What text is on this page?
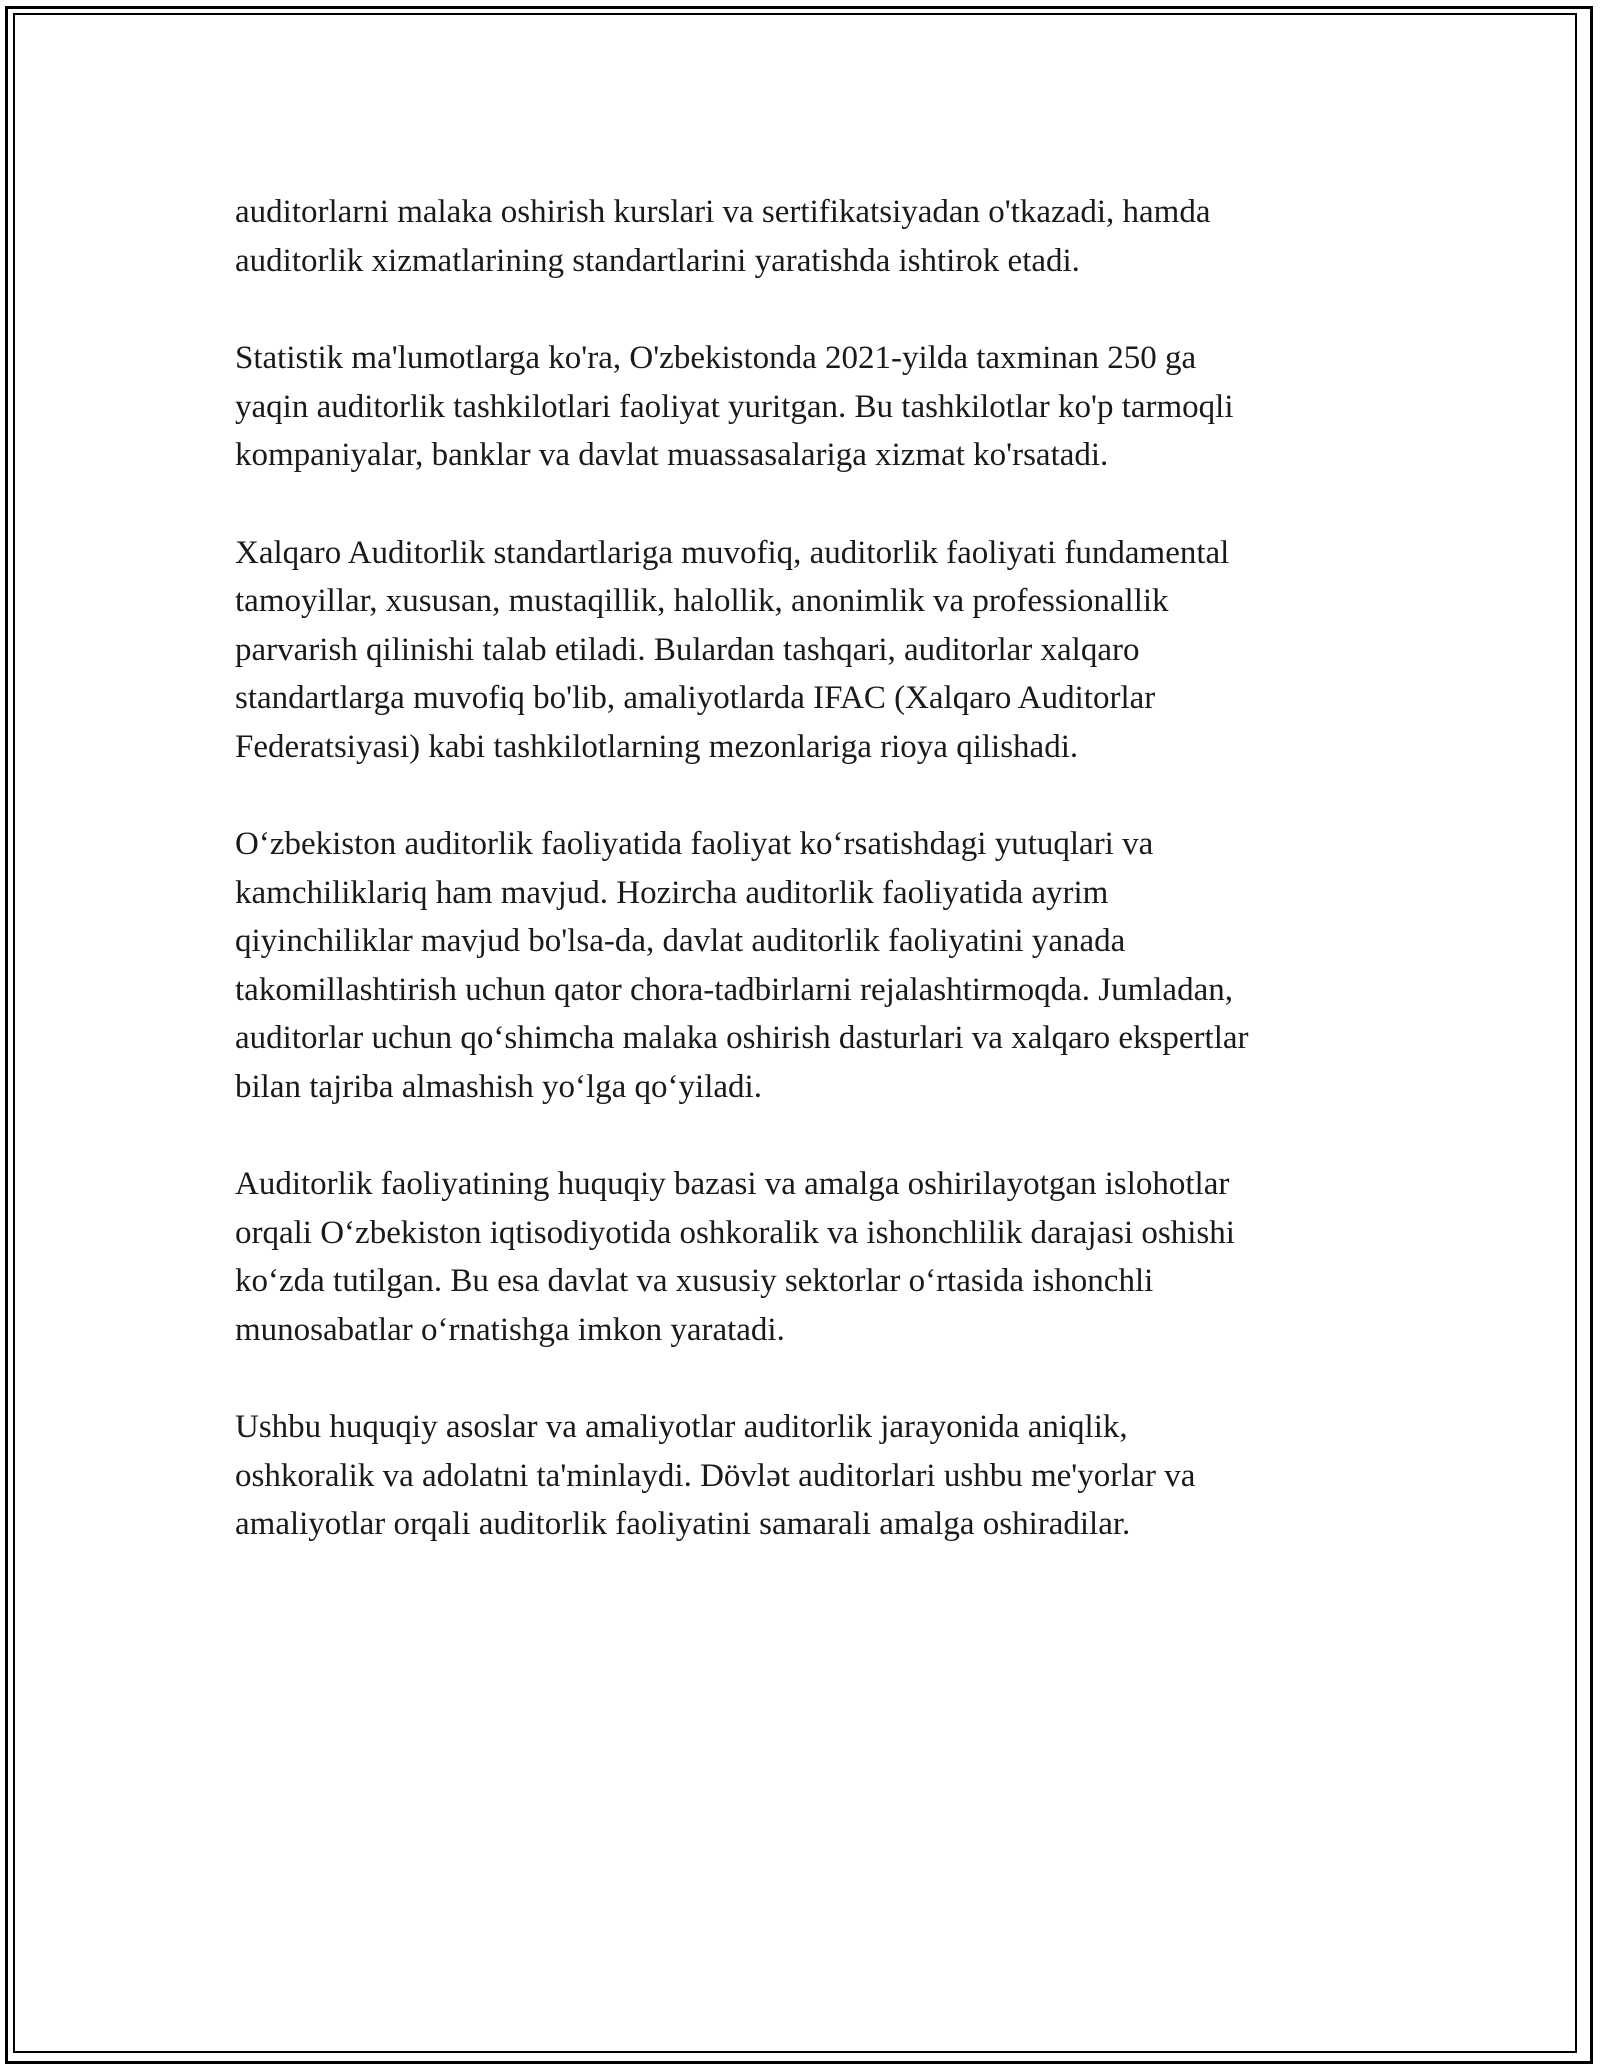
auditorlarni malaka oshirish kurslari va sertifikatsiyadan o'tkazadi, hamda
auditorlik xizmatlarining standartlarini yaratishda ishtirok etadi.

Statistik ma'lumotlarga ko'ra, O'zbekistonda 2021-yilda taxminan 250 ga
yaqin auditorlik tashkilotlari faoliyat yuritgan. Bu tashkilotlar ko'p tarmoqli
kompaniyalar, banklar va davlat muassasalariga xizmat ko'rsatadi.

Xalqaro Auditorlik standartlariga muvofiq, auditorlik faoliyati fundamental
tamoyillar, xususan, mustaqillik, halollik, anonimlik va professionallik
parvarish qilinishi talab etiladi. Bulardan tashqari, auditorlar xalqaro
standartlarga muvofiq bo'lib, amaliyotlarda IFAC (Xalqaro Auditorlar
Federatsiyasi) kabi tashkilotlarning mezonlariga rioya qilishadi.

O‘zbekiston auditorlik faoliyatida faoliyat ko‘rsatishdagi yutuqlari va
kamchiliklariq ham mavjud. Hozircha auditorlik faoliyatida ayrim
qiyinchiliklar mavjud bo'lsa-da, davlat auditorlik faoliyatini yanada
takomillashtirish uchun qator chora-tadbirlarni rejalashtirmoqda. Jumladan,
auditorlar uchun qo‘shimcha malaka oshirish dasturlari va xalqaro ekspertlar
bilan tajriba almashish yo‘lga qo‘yiladi.

Auditorlik faoliyatining huquqiy bazasi va amalga oshirilayotgan islohotlar
orqali O‘zbekiston iqtisodiyotida oshkoralik va ishonchlilik darajasi oshishi
ko‘zda tutilgan. Bu esa davlat va xususiy sektorlar o‘rtasida ishonchli
munosabatlar o‘rnatishga imkon yaratadi.

Ushbu huquqiy asoslar va amaliyotlar auditorlik jarayonida aniqlik,
oshkoralik va adolatni ta'minlaydi. Dövlət auditorlari ushbu me'yorlar va
amaliyotlar orqali auditorlik faoliyatini samarali amalga oshiradilar.
